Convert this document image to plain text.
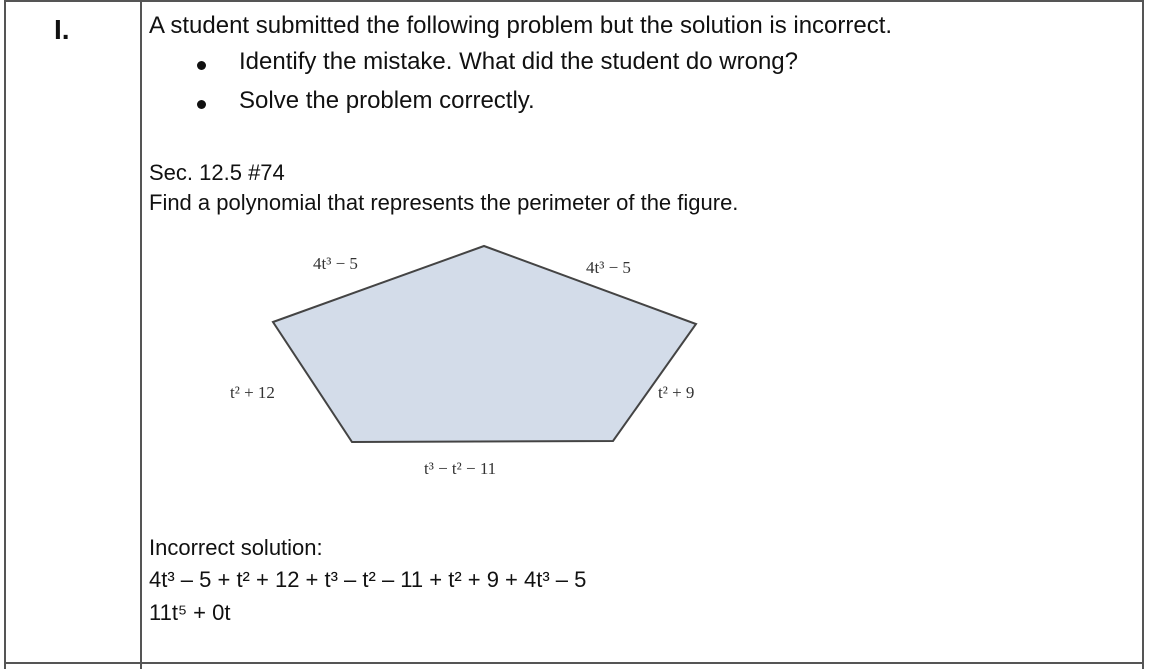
I.	A student submitted the following problem but the solution is incorrect.
Identify the mistake. What did the student do wrong?
Solve the problem correctly.
Sec. 12.5 #74
Find a polynomial that represents the perimeter of the figure.
Incorrect solution:
4t³ – 5 + t² + 12 + t³ – t² – 11 + t² + 9 + 4t³ – 5
11t⁵ + 0t
4t³ − 5	4t³ − 5
t² + 12	t² + 9
t³ − t² − 11
